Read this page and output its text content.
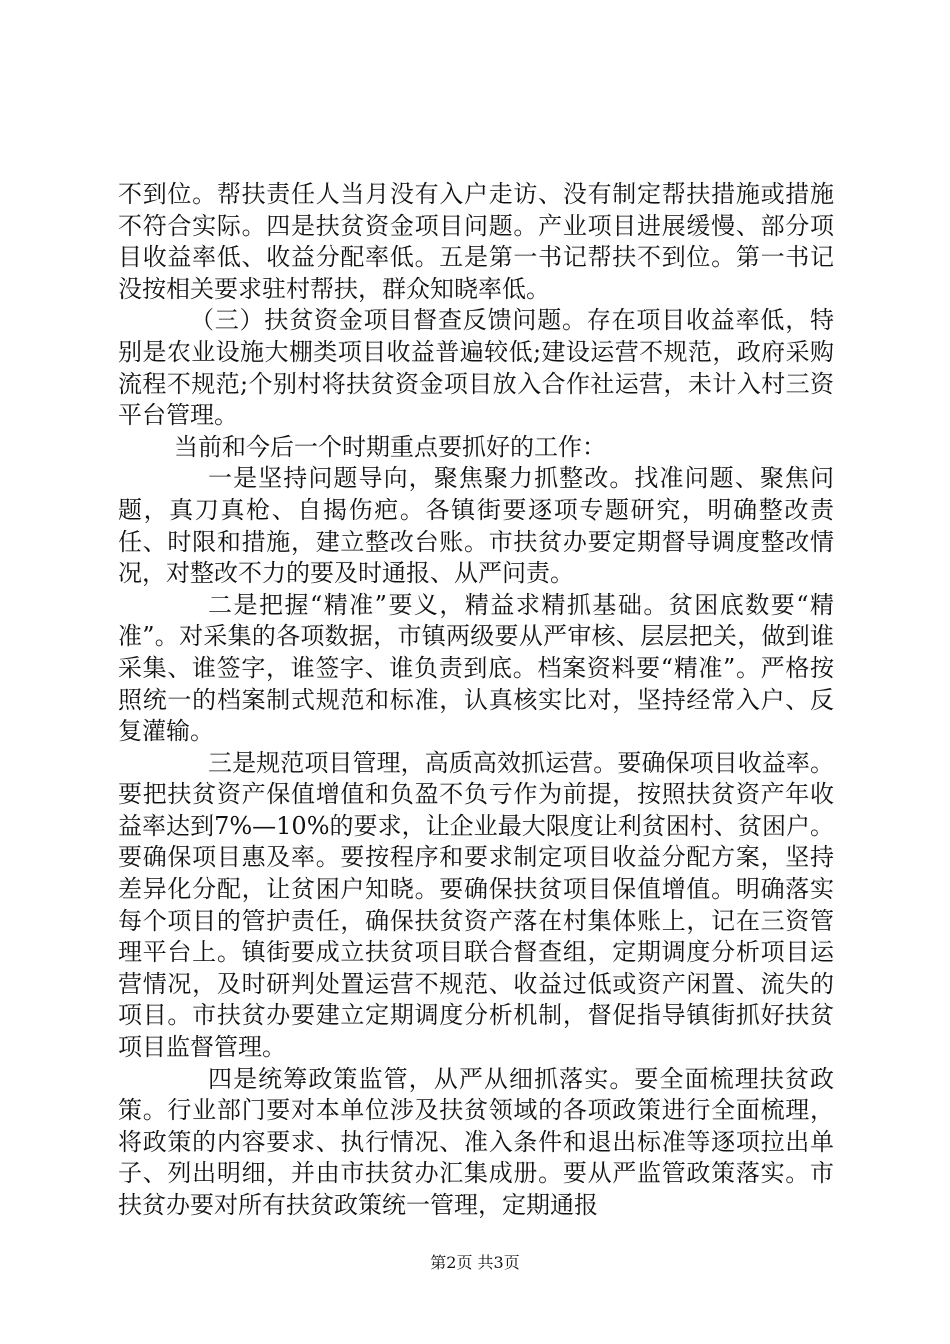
不到位。帮扶责任人当月没有入户走访、没有制定帮扶措施或措施不符合实际。四是扶贫资金项目问题。产业项目进展缓慢、部分项目收益率低、收益分配率低。五是第一书记帮扶不到位。第一书记没按相关要求驻村帮扶，群众知晓率低。

（三）扶贫资金项目督查反馈问题。存在项目收益率低，特别是农业设施大棚类项目收益普遍较低;建设运营不规范，政府采购流程不规范;个别村将扶贫资金项目放入合作社运营，未计入村三资平台管理。

当前和今后一个时期重点要抓好的工作：

一是坚持问题导向，聚焦聚力抓整改。找准问题、聚焦问题，真刀真枪、自揭伤疤。各镇街要逐项专题研究，明确整改责任、时限和措施，建立整改台账。市扶贫办要定期督导调度整改情况，对整改不力的要及时通报、从严问责。

二是把握“精准”要义，精益求精抓基础。贫困底数要“精准”。对采集的各项数据，市镇两级要从严审核、层层把关，做到谁采集、谁签字，谁签字、谁负责到底。档案资料要“精准”。严格按照统一的档案制式规范和标准，认真核实比对，坚持经常入户、反复灌输。

三是规范项目管理，高质高效抓运营。要确保项目收益率。要把扶贫资产保值增值和负盈不负亏作为前提，按照扶贫资产年收益率达到7%—10%的要求，让企业最大限度让利贫困村、贫困户。要确保项目惠及率。要按程序和要求制定项目收益分配方案，坚持差异化分配，让贫困户知晓。要确保扶贫项目保值增值。明确落实每个项目的管护责任，确保扶贫资产落在村集体账上，记在三资管理平台上。镇街要成立扶贫项目联合督查组，定期调度分析项目运营情况，及时研判处置运营不规范、收益过低或资产闲置、流失的项目。市扶贫办要建立定期调度分析机制，督促指导镇街抓好扶贫项目监督管理。

四是统筹政策监管，从严从细抓落实。要全面梳理扶贫政策。行业部门要对本单位涉及扶贫领域的各项政策进行全面梳理，将政策的内容要求、执行情况、准入条件和退出标准等逐项拉出单子、列出明细，并由市扶贫办汇集成册。要从严监管政策落实。市扶贫办要对所有扶贫政策统一管理，定期通报

第2页 共3页
